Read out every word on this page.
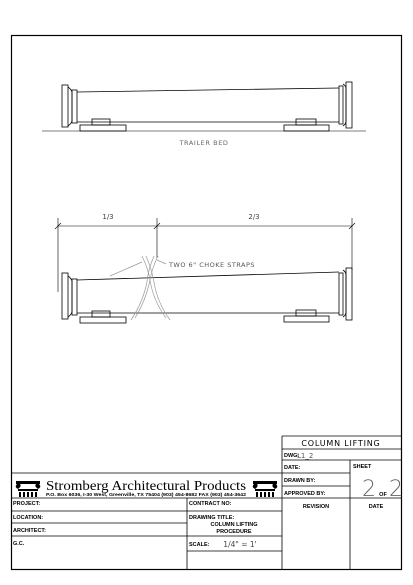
TRAILER BED
1/3	2/3
TWO 6" CHOKE STRAPS
COLUMN LIFTING
DWG:
L1_2
DATE:	SHEET
DRAWN BY:
APPROVED BY: 2 OF 2
REVISION	DATE
Stromberg Architectural Products
P.O. Box 6036, I-30 West, Greenville, TX 75404 (903) 454-8682 FAX (903) 454-3642
PROJECT:	CONTRACT NO:
LOCATION:	DRAWING TITLE:
COLUMN LIFTING
PROCEDURE
ARCHITECT:
G.C.	SCALE: 1/4" = 1'
